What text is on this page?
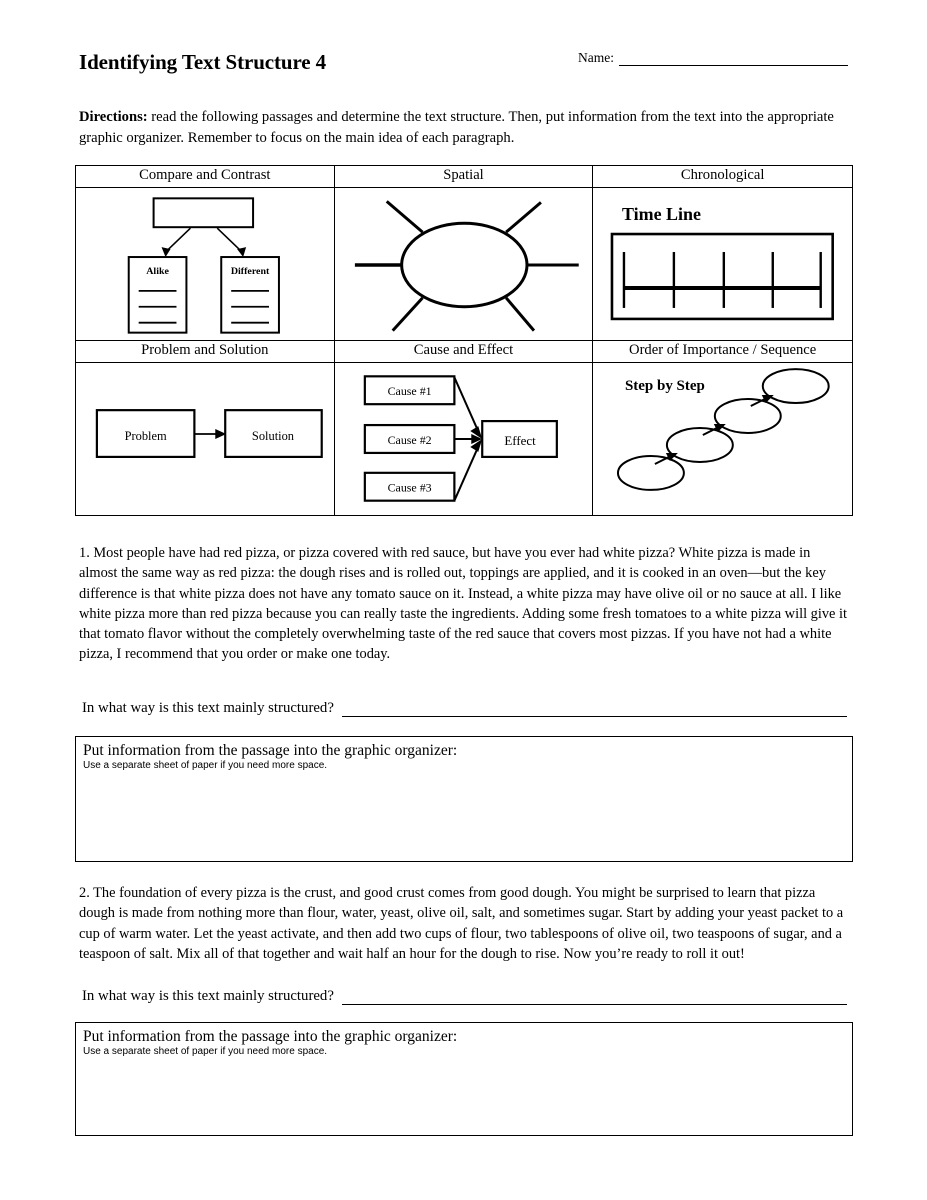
Name:
Identifying Text Structure 4
Directions: read the following passages and determine the text structure. Then, put information from the text into the appropriate graphic organizer. Remember to focus on the main idea of each paragraph.
Compare and Contrast
Alike	Different
Spatial	Chronological
Time Line
Problem and Solution
Problem	Solution
Cause and Effect
Cause #1
Cause #2
Cause #3
Effect
Order of Importance / Sequence
Step by Step
1. Most people have had red pizza, or pizza covered with red sauce, but have you ever had white pizza? White pizza is made in almost the same way as red pizza: the dough rises and is rolled out, toppings are applied, and it is cooked in an oven—but the key difference is that white pizza does not have any tomato sauce on it. Instead, a white pizza may have olive oil or no sauce at all. I like white pizza more than red pizza because you can really taste the ingredients. Adding some fresh tomatoes to a white pizza will give it that tomato flavor without the completely overwhelming taste of the red sauce that covers most pizzas. If you have not had a white pizza, I recommend that you order or make one today.
In what way is this text mainly structured?
Put information from the passage into the graphic organizer:
Use a separate sheet of paper if you need more space.
2. The foundation of every pizza is the crust, and good crust comes from good dough. You might be surprised to learn that pizza dough is made from nothing more than flour, water, yeast, olive oil, salt, and sometimes sugar. Start by adding your yeast packet to a cup of warm water. Let the yeast activate, and then add two cups of flour, two tablespoons of olive oil, two teaspoons of sugar, and a teaspoon of salt. Mix all of that together and wait half an hour for the dough to rise. Now you’re ready to roll it out!
In what way is this text mainly structured?
Put information from the passage into the graphic organizer:
Use a separate sheet of paper if you need more space.
